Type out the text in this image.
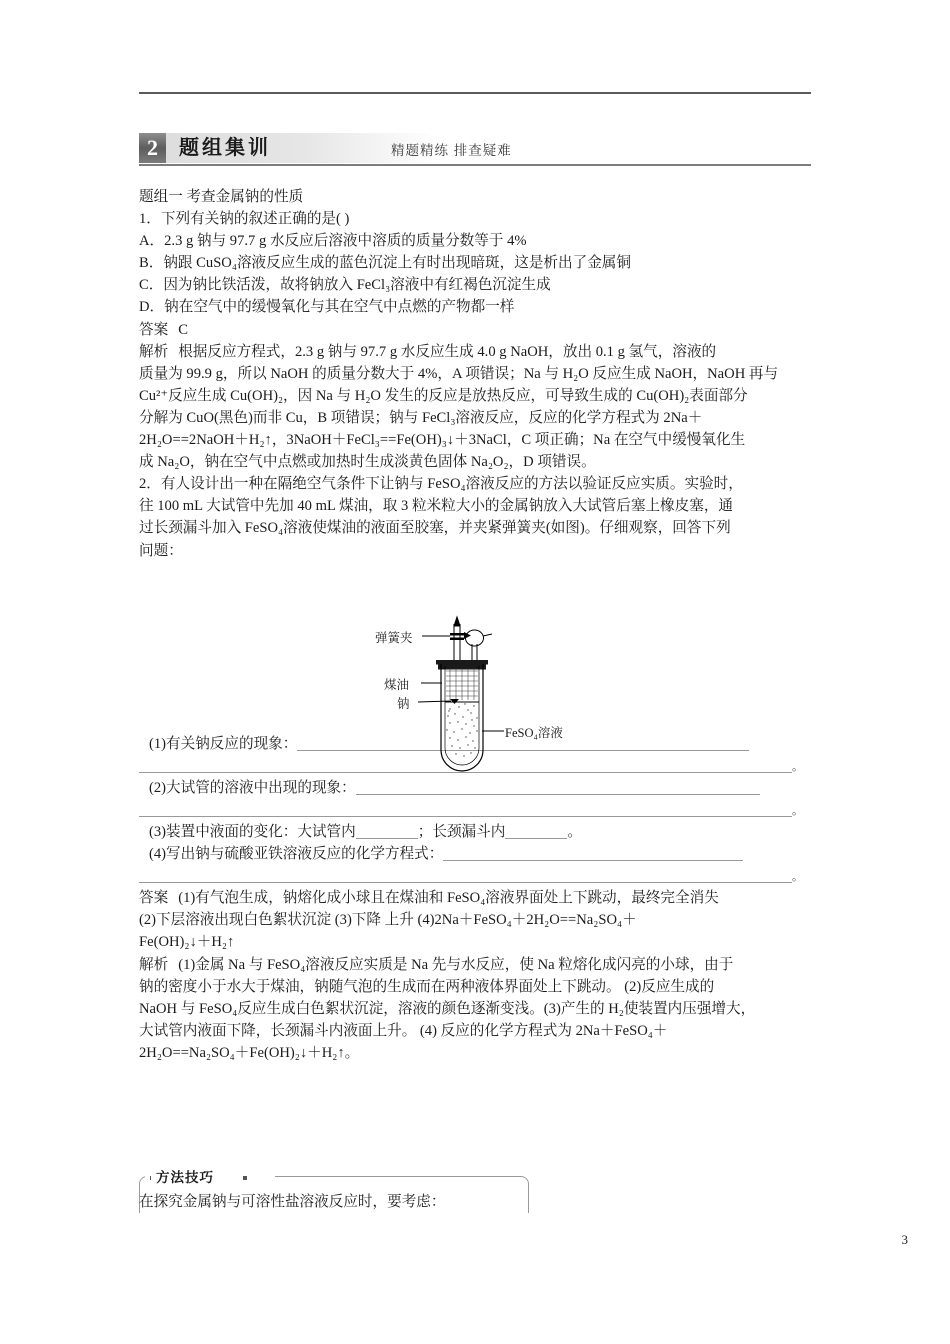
2	题组集训	精题精练 排查疑难
题组一 考查金属钠的性质
1．下列有关钠的叙述正确的是( )
A．2.3 g 钠与 97.7 g 水反应后溶液中溶质的质量分数等于 4%
B．钠跟 CuSO₄溶液反应生成的蓝色沉淀上有时出现暗斑，这是析出了金属铜
C．因为钠比铁活泼，故将钠放入 FeCl₃溶液中有红褐色沉淀生成
D．钠在空气中的缓慢氧化与其在空气中点燃的产物都一样
答案 C
解析 根据反应方程式，2.3 g 钠与 97.7 g 水反应生成 4.0 g NaOH，放出 0.1 g 氢气，溶液的
质量为 99.9 g，所以 NaOH 的质量分数大于 4%，A 项错误；Na 与 H₂O 反应生成 NaOH，NaOH 再与
Cu²⁺反应生成 Cu(OH)₂，因 Na 与 H₂O 发生的反应是放热反应，可导致生成的 Cu(OH)₂表面部分
分解为 CuO(黑色)而非 Cu，B 项错误；钠与 FeCl₃溶液反应，反应的化学方程式为 2Na＋
2H₂O==2NaOH＋H₂↑，3NaOH＋FeCl₃==Fe(OH)₃↓＋3NaCl，C 项正确；Na 在空气中缓慢氧化生
成 Na₂O，钠在空气中点燃或加热时生成淡黄色固体 Na₂O₂，D 项错误。
2．有人设计出一种在隔绝空气条件下让钠与 FeSO₄溶液反应的方法以验证反应实质。实验时，
往 100 mL 大试管中先加 40 mL 煤油，取 3 粒米粒大小的金属钠放入大试管后塞上橡皮塞，通
过长颈漏斗加入 FeSO₄溶液使煤油的液面至胶塞，并夹紧弹簧夹(如图)。仔细观察，回答下列
问题：
(1)有关钠反应的现象：
。
(2)大试管的溶液中出现的现象：
。
(3)装置中液面的变化：大试管内	；长颈漏斗内	。
(4)写出钠与硫酸亚铁溶液反应的化学方程式：
。
答案 (1)有气泡生成，钠熔化成小球且在煤油和 FeSO₄溶液界面处上下跳动，最终完全消失
(2)下层溶液出现白色絮状沉淀 (3)下降 上升 (4)2Na＋FeSO₄＋2H₂O==Na₂SO₄＋
Fe(OH)₂↓＋H₂↑
解析 (1)金属 Na 与 FeSO₄溶液反应实质是 Na 先与水反应，使 Na 粒熔化成闪亮的小球，由于
钠的密度小于水大于煤油，钠随气泡的生成而在两种液体界面处上下跳动。 (2)反应生成的
NaOH 与 FeSO₄反应生成白色絮状沉淀，溶液的颜色逐渐变浅。(3)产生的 H₂使装置内压强增大，
大试管内液面下降，长颈漏斗内液面上升。 (4) 反应的化学方程式为 2Na＋FeSO₄＋
2H₂O==Na₂SO₄＋Fe(OH)₂↓＋H₂↑。
弹簧夹
煤油
钠
FeSO₄溶液
方法技巧
在探究金属钠与可溶性盐溶液反应时，要考虑：
3
